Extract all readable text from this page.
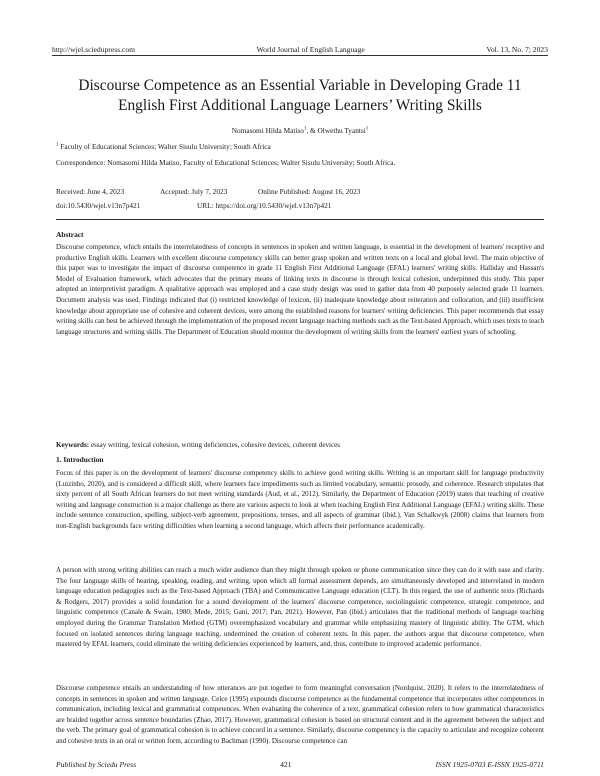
http://wjel.sciedupress.com	World Journal of English Language	Vol. 13, No. 7; 2023
Discourse Competence as an Essential Variable in Developing Grade 11
English First Additional Language Learners’ Writing Skills
Nomasomi Hilda Matiso$^1$, & Olwethu Tyantsi$^1$
$^1$ Faculty of Educational Sciences; Walter Sisulu University; South Africa
Correspondence: Nomasomi Hilda Matiso, Faculty of Educational Sciences; Walter Sisulu University; South Africa.
Received: June 4, 2023	Accepted: July 7, 2023	Online Published: August 16, 2023
doi:10.5430/wjel.v13n7p421	URL: https://doi.org/10.5430/wjel.v13n7p421
Abstract

Discourse competence, which entails the interrelatedness of concepts in sentences in spoken and written language, is essential in the development of learners' receptive and productive English skills. Learners with excellent discourse competency skills can better grasp spoken and written texts on a local and global level. The main objective of this paper was to investigate the impact of discourse competence in grade 11 English First Additional Language (EFAL) learners' writing skills. Halliday and Hassan's Model of Evaluation framework, which advocates that the primary means of linking texts in discourse is through lexical cohesion, underpinned this study. This paper adopted an interpretivist paradigm. A qualitative approach was employed and a case study design was used to gather data from 40 purposely selected grade 11 learners. Document analysis was used. Findings indicated that (i) restricted knowledge of lexicon, (ii) inadequate knowledge about reiteration and collocation, and (iii) insufficient knowledge about appropriate use of cohesive and coherent devices, were among the established reasons for learners' writing deficiencies. This paper recommends that essay writing skills can best be achieved through the implementation of the proposed recent language teaching methods such as the Text-based Approach, which uses texts to teach language structures and writing skills. The Department of Education should monitor the development of writing skills from the learners' earliest years of schooling.

Keywords: essay writing, lexical cohesion, writing deficiencies, cohesive devices, coherent devices
1. Introduction

Focus of this paper is on the development of learners' discourse competency skills to achieve good writing skills. Writing is an important skill for language productivity (Luizinho, 2020), and is considered a difficult skill, where learners face impediments such as limited vocabulary, semantic prosody, and coherence. Research stipulates that sixty percent of all South African learners do not meet writing standards (Aud, et al., 2012). Similarly, the Department of Education (2019) states that teaching of creative writing and language construction is a major challenge as there are various aspects to look at when teaching English First Additional Language (EFAL) writing skills. These include sentence construction, spelling, subject-verb agreement, prepositions, tenses, and all aspects of grammar (ibid.). Van Schalkwyk (2008) claims that learners from non-English backgrounds face writing difficulties when learning a second language, which affects their performance academically.

A person with strong writing abilities can reach a much wider audience than they might through spoken or phone communication since they can do it with ease and clarity. The four language skills of hearing, speaking, reading, and writing, upon which all formal assessment depends, are simultaneously developed and interrelated in modern language education pedagogies such as the Text-based Approach (TBA) and Communicative Language education (CLT). In this regard, the use of authentic texts (Richards & Rodgers, 2017) provides a solid foundation for a sound development of the learners' discourse competence, sociolinguistic competence, strategic competence, and linguistic competence (Canale & Swain, 1980; Mede, 2015; Gani, 2017; Pan, 2021). However, Pan (ibid.) articulates that the traditional methods of language teaching employed during the Grammar Translation Method (GTM) overemphasized vocabulary and grammar while emphasizing mastery of linguistic ability. The GTM, which focused on isolated sentences during language teaching, undermined the creation of coherent texts. In this paper, the authors argue that discourse competence, when mastered by EFAL learners, could eliminate the writing deficiencies experienced by learners, and, thus, contribute to improved academic performance.

Discourse competence entails an understanding of how utterances are put together to form meaningful conversation (Nordquist, 2020). It refers to the interrelatedness of concepts in sentences in spoken and written language. Celce (1995) expounds discourse competence as the fundamental competence that incorporates other competences in communication, including lexical and grammatical competences. When evaluating the coherence of a text, grammatical cohesion refers to how grammatical characteristics are braided together across sentence boundaries (Zhao, 2017). However, grammatical cohesion is based on structural content and in the agreement between the subject and the verb. The primary goal of grammatical cohesion is to achieve concord in a sentence. Similarly, discourse competency is the capacity to articulate and recognize coherent and cohesive texts in an oral or written form, according to Bachman (1990). Discourse competence can

Published by Sciedu Press	421	ISSN 1925-0703 E-ISSN 1925-0711
